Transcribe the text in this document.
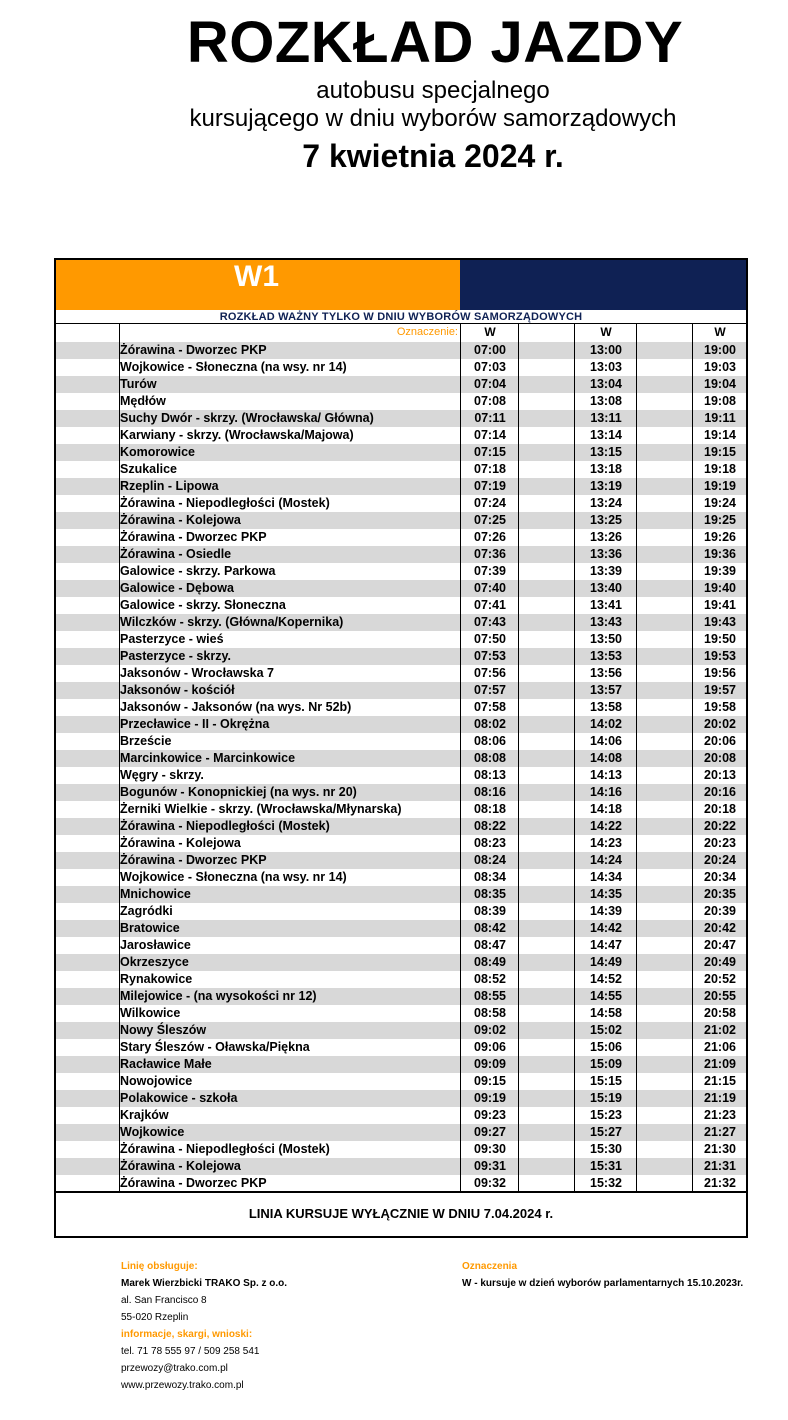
ROZKŁAD JAZDY
autobusu specjalnego
kursującego w dniu wyborów samorządowych
7 kwietnia 2024 r.
W1
ROZKŁAD WAŻNY TYLKO W DNIU WYBORÓW SAMORZĄDOWYCH
Oznaczenie:	W	W	W
Żórawina - Dworzec PKP	07:00	13:00	19:00
Wojkowice - Słoneczna (na wsy. nr 14)	07:03	13:03	19:03
Turów	07:04	13:04	19:04
Mędłów	07:08	13:08	19:08
Suchy Dwór - skrzy. (Wrocławska/ Główna)	07:11	13:11	19:11
Karwiany - skrzy. (Wrocławska/Majowa)	07:14	13:14	19:14
Komorowice	07:15	13:15	19:15
Szukalice	07:18	13:18	19:18
Rzeplin - Lipowa	07:19	13:19	19:19
Żórawina - Niepodległości (Mostek)	07:24	13:24	19:24
Żórawina - Kolejowa	07:25	13:25	19:25
Żórawina - Dworzec PKP	07:26	13:26	19:26
Żórawina - Osiedle	07:36	13:36	19:36
Galowice - skrzy. Parkowa	07:39	13:39	19:39
Galowice - Dębowa	07:40	13:40	19:40
Galowice - skrzy. Słoneczna	07:41	13:41	19:41
Wilczków - skrzy. (Główna/Kopernika)	07:43	13:43	19:43
Pasterzyce - wieś	07:50	13:50	19:50
Pasterzyce - skrzy.	07:53	13:53	19:53
Jaksonów - Wrocławska 7	07:56	13:56	19:56
Jaksonów - kościół	07:57	13:57	19:57
Jaksonów - Jaksonów (na wys. Nr 52b)	07:58	13:58	19:58
Przecławice - II - Okrężna	08:02	14:02	20:02
Brzeście	08:06	14:06	20:06
Marcinkowice - Marcinkowice	08:08	14:08	20:08
Węgry - skrzy.	08:13	14:13	20:13
Bogunów - Konopnickiej (na wys. nr 20)	08:16	14:16	20:16
Żerniki Wielkie - skrzy. (Wrocławska/Młynarska)	08:18	14:18	20:18
Żórawina - Niepodległości (Mostek)	08:22	14:22	20:22
Żórawina - Kolejowa	08:23	14:23	20:23
Żórawina - Dworzec PKP	08:24	14:24	20:24
Wojkowice - Słoneczna (na wsy. nr 14)	08:34	14:34	20:34
Mnichowice	08:35	14:35	20:35
Zagródki	08:39	14:39	20:39
Bratowice	08:42	14:42	20:42
Jarosławice	08:47	14:47	20:47
Okrzeszyce	08:49	14:49	20:49
Rynakowice	08:52	14:52	20:52
Milejowice - (na wysokości nr 12)	08:55	14:55	20:55
Wilkowice	08:58	14:58	20:58
Nowy Śleszów	09:02	15:02	21:02
Stary Śleszów - Oławska/Piękna	09:06	15:06	21:06
Racławice Małe	09:09	15:09	21:09
Nowojowice	09:15	15:15	21:15
Polakowice - szkoła	09:19	15:19	21:19
Krajków	09:23	15:23	21:23
Wojkowice	09:27	15:27	21:27
Żórawina - Niepodległości (Mostek)	09:30	15:30	21:30
Żórawina - Kolejowa	09:31	15:31	21:31
Żórawina - Dworzec PKP	09:32	15:32	21:32
LINIA KURSUJE WYŁĄCZNIE W DNIU 7.04.2024 r.
Linię obsługuje:
Marek Wierzbicki TRAKO Sp. z o.o.
al. San Francisco 8
55-020 Rzeplin
informacje, skargi, wnioski:
tel. 71 78 555 97 / 509 258 541
przewozy@trako.com.pl
www.przewozy.trako.com.pl
Oznaczenia
W - kursuje w dzień wyborów parlamentarnych 15.10.2023r.
